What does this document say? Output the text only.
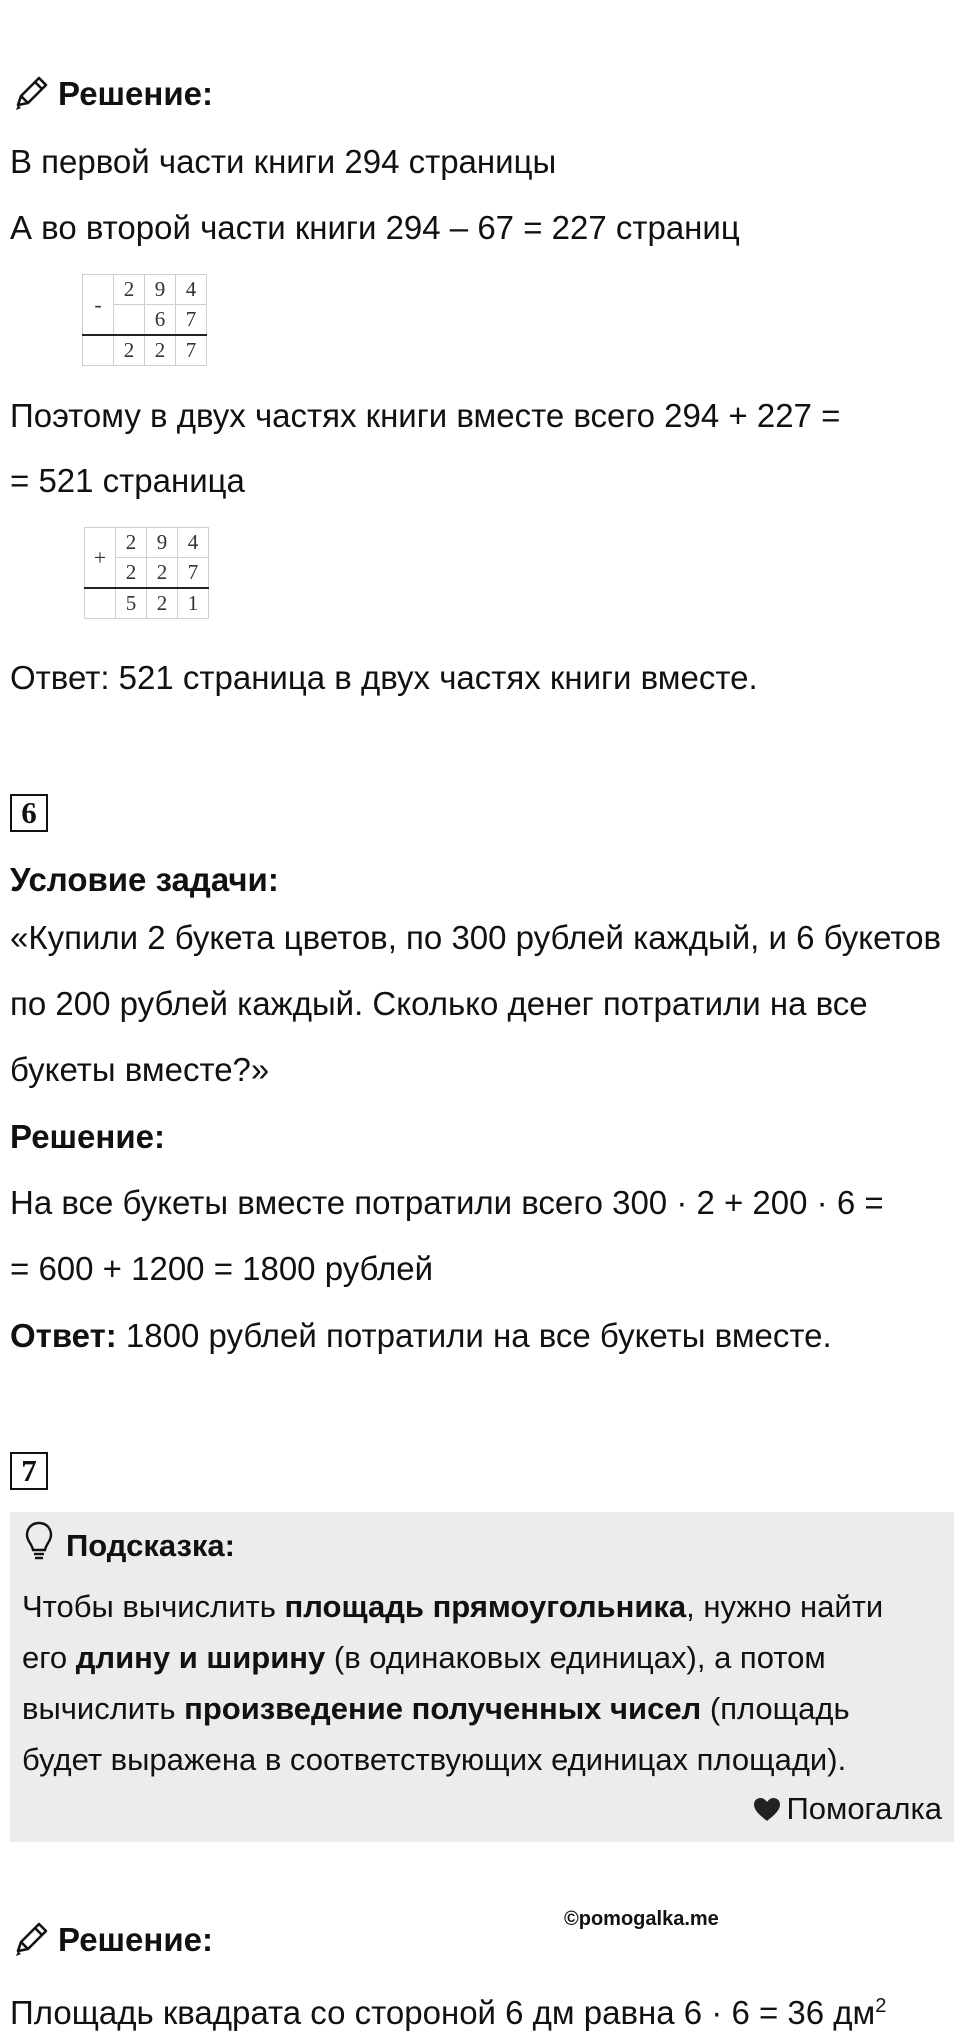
Решение:
В первой части книги 294 страницы
А во второй части книги 294 – 67 = 227 страниц
-	2	9	4
		6	7
	2	2	7
Поэтому в двух частях книги вместе всего 294 + 227 =
= 521 страница
+	2	9	4
	2	2	7
	5	2	1
Ответ: 521 страница в двух частях книги вместе.
6
Условие задачи:
«Купили 2 букета цветов, по 300 рублей каждый, и 6 букетов
по 200 рублей каждый. Сколько денег потратили на все
букеты вместе?»
Решение:
На все букеты вместе потратили всего 300 · 2 + 200 · 6 =
= 600 + 1200 = 1800 рублей
Ответ: 1800 рублей потратили на все букеты вместе.
7
Подсказка:
Чтобы вычислить площадь прямоугольника, нужно найти
его длину и ширину (в одинаковых единицах), а потом
вычислить произведение полученных чисел (площадь
будет выражена в соответствующих единицах площади).
Помогалка
©pomogalka.me
Решение:
Площадь квадрата со стороной 6 дм равна 6 · 6 = 36 $дм^2$
